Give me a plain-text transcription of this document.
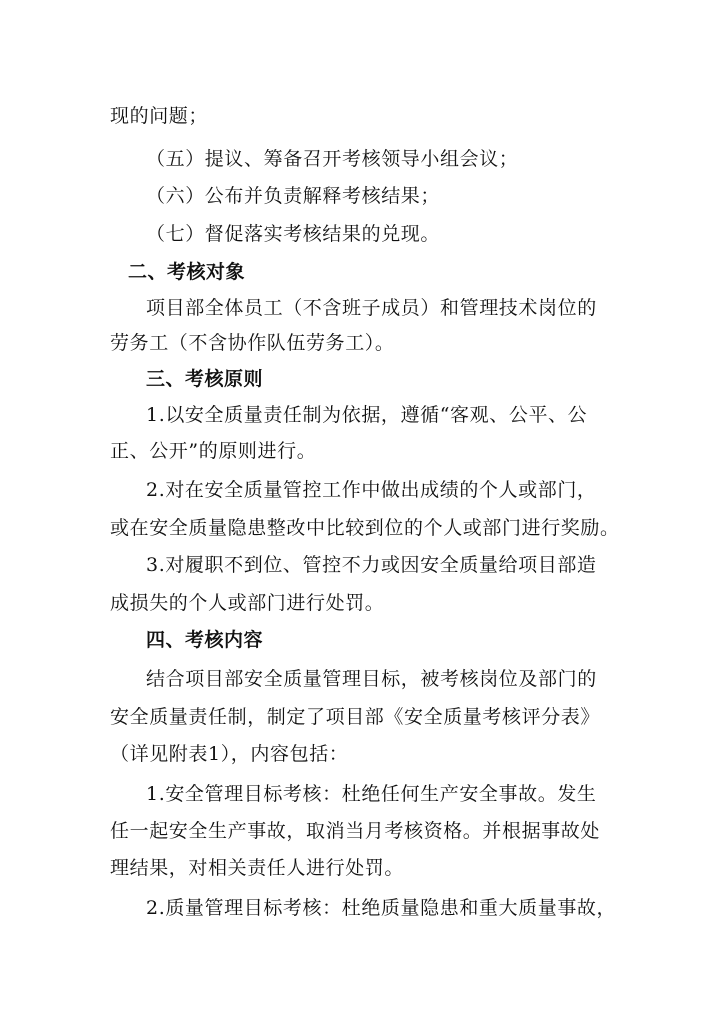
现的问题；
（五）提议、筹备召开考核领导小组会议；
（六）公布并负责解释考核结果；
（七）督促落实考核结果的兑现。
二、考核对象
项目部全体员工（不含班子成员）和管理技术岗位的
劳务工（不含协作队伍劳务工）。
三、考核原则
1.以安全质量责任制为依据，遵循“客观、公平、公
正、公开”的原则进行。
2.对在安全质量管控工作中做出成绩的个人或部门，
或在安全质量隐患整改中比较到位的个人或部门进行奖励。
3.对履职不到位、管控不力或因安全质量给项目部造
成损失的个人或部门进行处罚。
四、考核内容
结合项目部安全质量管理目标，被考核岗位及部门的
安全质量责任制，制定了项目部《安全质量考核评分表》
（详见附表1），内容包括：
1.安全管理目标考核：杜绝任何生产安全事故。发生
任一起安全生产事故，取消当月考核资格。并根据事故处
理结果，对相关责任人进行处罚。
2.质量管理目标考核：杜绝质量隐患和重大质量事故，
